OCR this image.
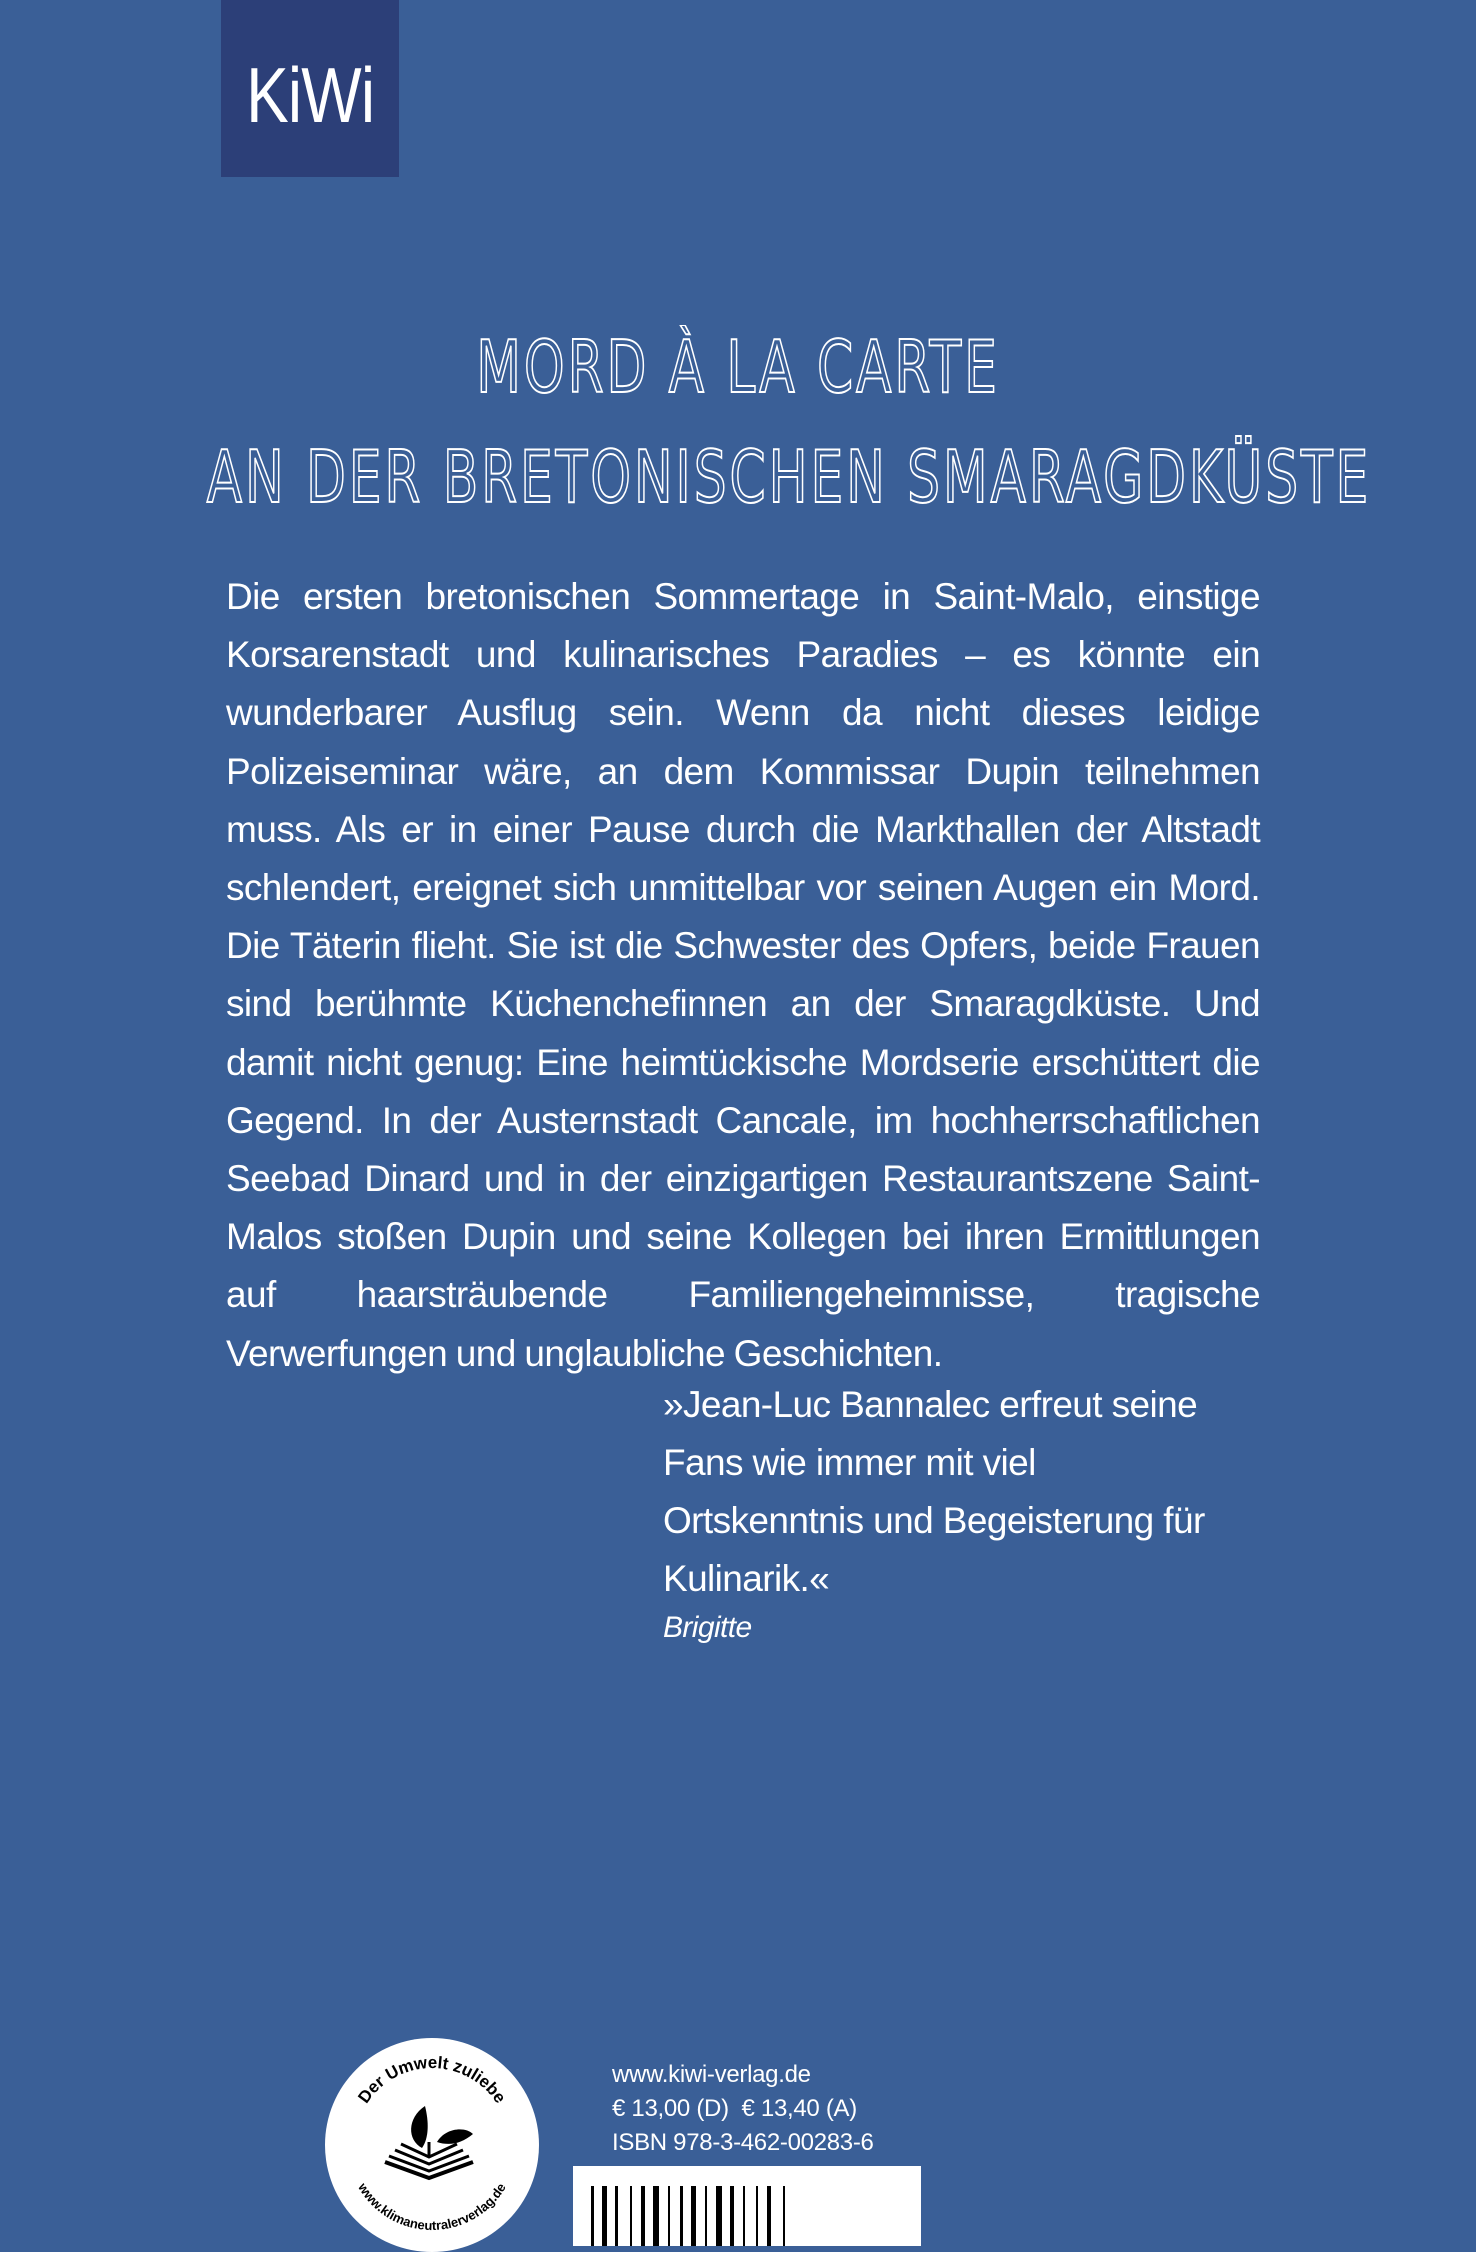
KiWi
MORD À LA CARTE
AN DER BRETONISCHEN SMARAGDKÜSTE
Die ersten bretonischen Sommertage in Saint-Malo, einstige Korsarenstadt und kulinarisches Paradies – es könnte ein wunderbarer Ausflug sein. Wenn da nicht dieses leidige Polizeiseminar wäre, an dem Kommissar Dupin teilnehmen muss. Als er in einer Pause durch die Markthallen der Altstadt schlendert, ereignet sich unmittelbar vor seinen Augen ein Mord. Die Täterin flieht. Sie ist die Schwester des Opfers, beide Frauen sind berühmte Küchenchefinnen an der Smaragdküste. Und damit nicht genug: Eine heimtückische Mordserie erschüttert die Gegend. In der Austernstadt Cancale, im hochherrschaftlichen Seebad Dinard und in der einzigartigen Restaurantszene Saint-Malos stoßen Dupin und seine Kollegen bei ihren Ermittlungen auf haarsträubende Familiengeheimnisse, tragische Verwerfungen und unglaubliche Geschichten.
»Jean-Luc Bannalec erfreut seine Fans wie immer mit viel Ortskenntnis und Begeisterung für Kulinarik.«
Brigitte
Der Umwelt zuliebe
www.klimaneutralerverlag.de
www.kiwi-verlag.de
€ 13,00 (D)  € 13,40 (A)
ISBN 978-3-462-00283-6
